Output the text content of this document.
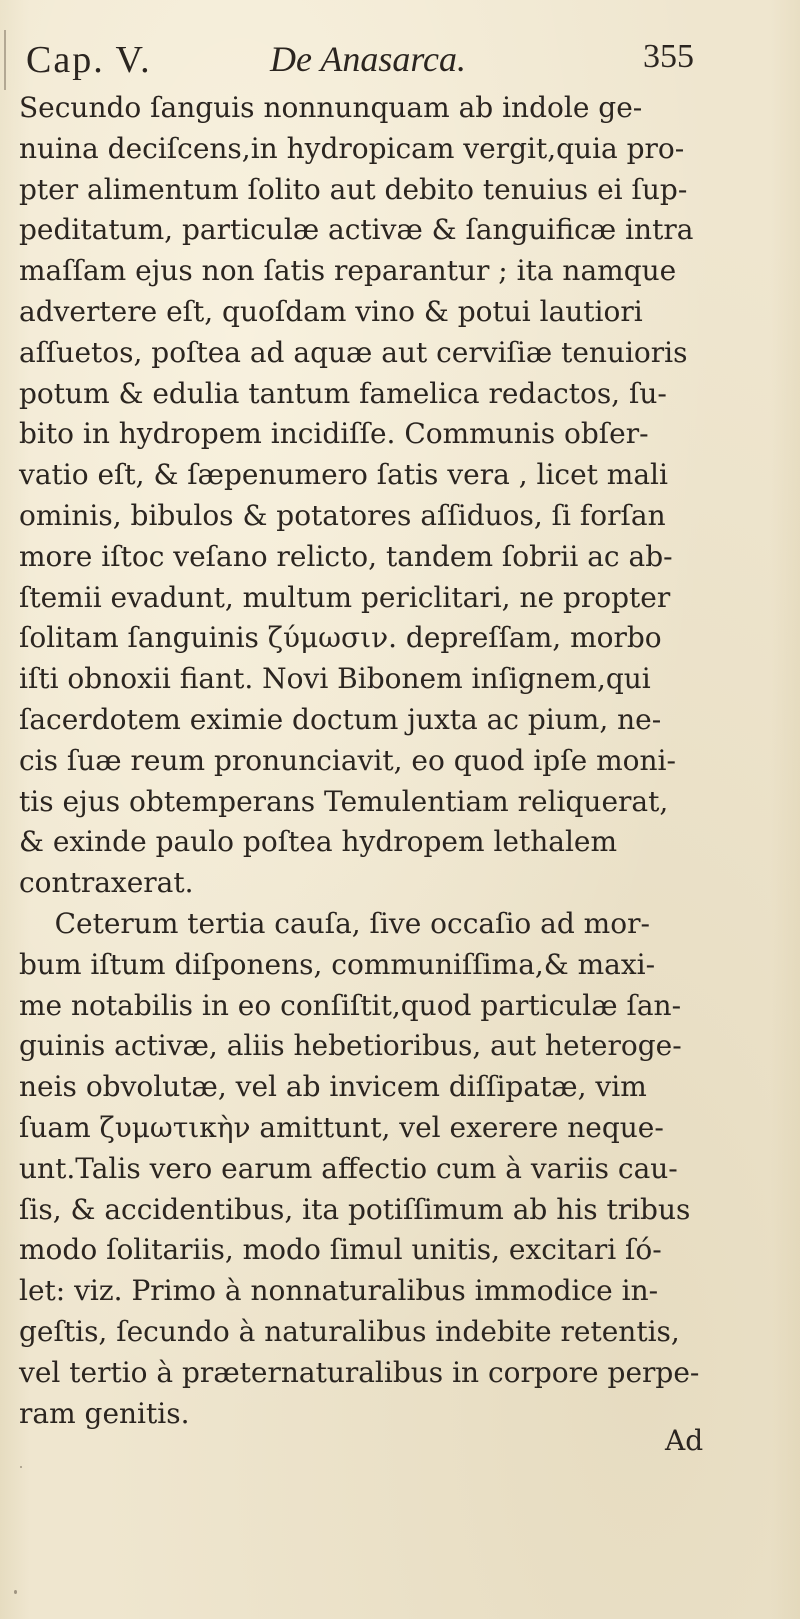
Cap. V.	De Anasarca.	355
Secundo ſanguis nonnunquam ab indole ge-
nuina deciſcens,in hydropicam vergit,quia pro-
pter alimentum ſolito aut debito tenuius ei ſup-
peditatum, particulæ activæ & ſanguificæ intra
maſſam ejus non ſatis reparantur ; ita namque
advertere eſt, quoſdam vino & potui lautiori
aſſuetos, poſtea ad aquæ aut cerviſiæ tenuioris
potum & edulia tantum famelica redactos, ſu-
bito in hydropem incidiſſe. Communis obſer-
vatio eſt, & ſæpenumero ſatis vera , licet mali
ominis, bibulos & potatores aſſiduos, ſi forſan
more iſtoc veſano relicto, tandem ſobrii ac ab-
ſtemii evadunt, multum periclitari, ne propter
ſolitam ſanguinis ζύμωσιν. depreſſam, morbo
iſti obnoxii fiant. Novi Bibonem inſignem,qui
ſacerdotem eximie doctum juxta ac pium, ne-
cis ſuæ reum pronunciavit, eo quod ipſe moni-
tis ejus obtemperans Temulentiam reliquerat,
& exinde paulo poſtea hydropem lethalem
contraxerat.
Ceterum tertia cauſa, ſive occaſio ad mor-
bum iſtum diſponens, communiſſima,& maxi-
me notabilis in eo conſiſtit,quod particulæ ſan-
guinis activæ, aliis hebetioribus, aut heteroge-
neis obvolutæ, vel ab invicem diſſipatæ, vim
ſuam ζυμωτικὴν amittunt, vel exerere neque-
unt.Talis vero earum affectio cum à variis cau-
ſis, & accidentibus, ita potiſſimum ab his tribus
modo ſolitariis, modo ſimul unitis, excitari ſó-
let: viz. Primo à nonnaturalibus immodice in-
geſtis, ſecundo à naturalibus indebite retentis,
vel tertio à præternaturalibus in corpore perpe-
ram genitis.
Ad
